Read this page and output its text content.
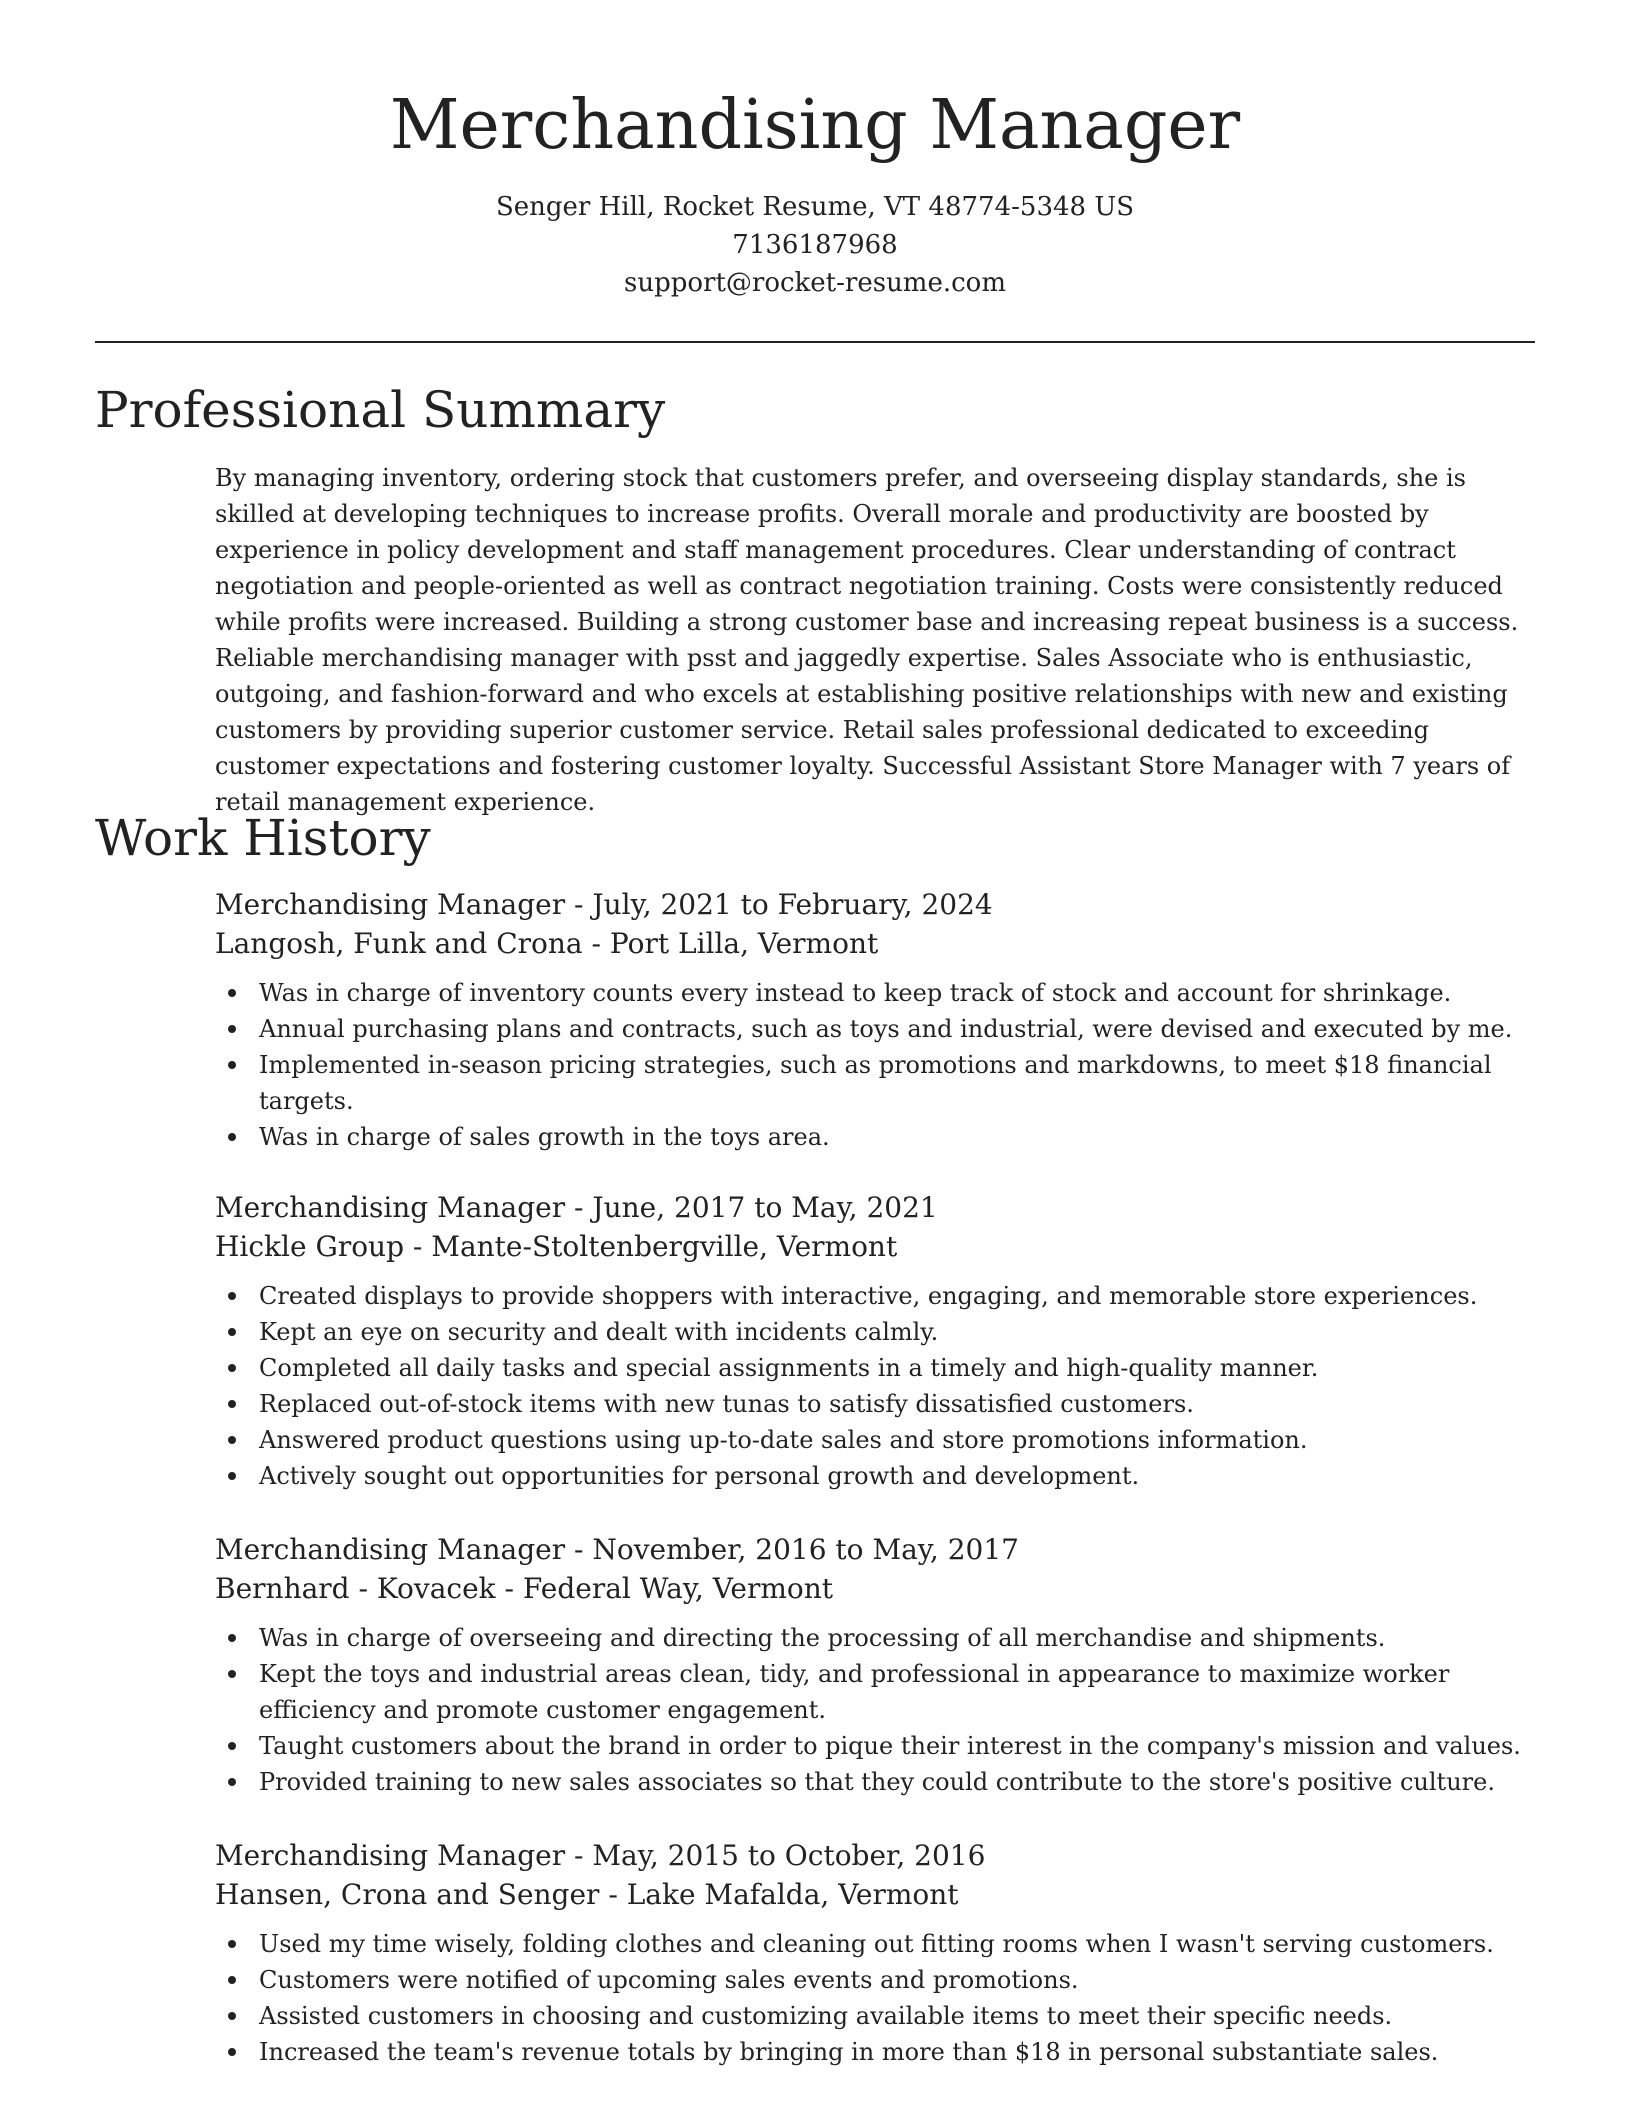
Merchandising Manager
Senger Hill, Rocket Resume, VT 48774-5348 US
7136187968
support@rocket-resume.com
Professional Summary

By managing inventory, ordering stock that customers prefer, and overseeing display standards, she is skilled at developing techniques to increase profits. Overall morale and productivity are boosted by experience in policy development and staff management procedures. Clear understanding of contract negotiation and people-oriented as well as contract negotiation training. Costs were consistently reduced while profits were increased. Building a strong customer base and increasing repeat business is a success. Reliable merchandising manager with psst and jaggedly expertise. Sales Associate who is enthusiastic, outgoing, and fashion-forward and who excels at establishing positive relationships with new and existing customers by providing superior customer service. Retail sales professional dedicated to exceeding customer expectations and fostering customer loyalty. Successful Assistant Store Manager with 7 years of retail management experience.

Work History
Merchandising Manager - July, 2021 to February, 2024
Langosh, Funk and Crona - Port Lilla, Vermont
Was in charge of inventory counts every instead to keep track of stock and account for shrinkage.
Annual purchasing plans and contracts, such as toys and industrial, were devised and executed by me.
Implemented in-season pricing strategies, such as promotions and markdowns, to meet $18 financial targets.
Was in charge of sales growth in the toys area.
Merchandising Manager - June, 2017 to May, 2021
Hickle Group - Mante-Stoltenbergville, Vermont
Created displays to provide shoppers with interactive, engaging, and memorable store experiences.
Kept an eye on security and dealt with incidents calmly.
Completed all daily tasks and special assignments in a timely and high-quality manner.
Replaced out-of-stock items with new tunas to satisfy dissatisfied customers.
Answered product questions using up-to-date sales and store promotions information.
Actively sought out opportunities for personal growth and development.
Merchandising Manager - November, 2016 to May, 2017
Bernhard - Kovacek - Federal Way, Vermont
Was in charge of overseeing and directing the processing of all merchandise and shipments.
Kept the toys and industrial areas clean, tidy, and professional in appearance to maximize worker efficiency and promote customer engagement.
Taught customers about the brand in order to pique their interest in the company's mission and values.
Provided training to new sales associates so that they could contribute to the store's positive culture.
Merchandising Manager - May, 2015 to October, 2016
Hansen, Crona and Senger - Lake Mafalda, Vermont
Used my time wisely, folding clothes and cleaning out fitting rooms when I wasn't serving customers.
Customers were notified of upcoming sales events and promotions.
Assisted customers in choosing and customizing available items to meet their specific needs.
Increased the team's revenue totals by bringing in more than $18 in personal substantiate sales.
